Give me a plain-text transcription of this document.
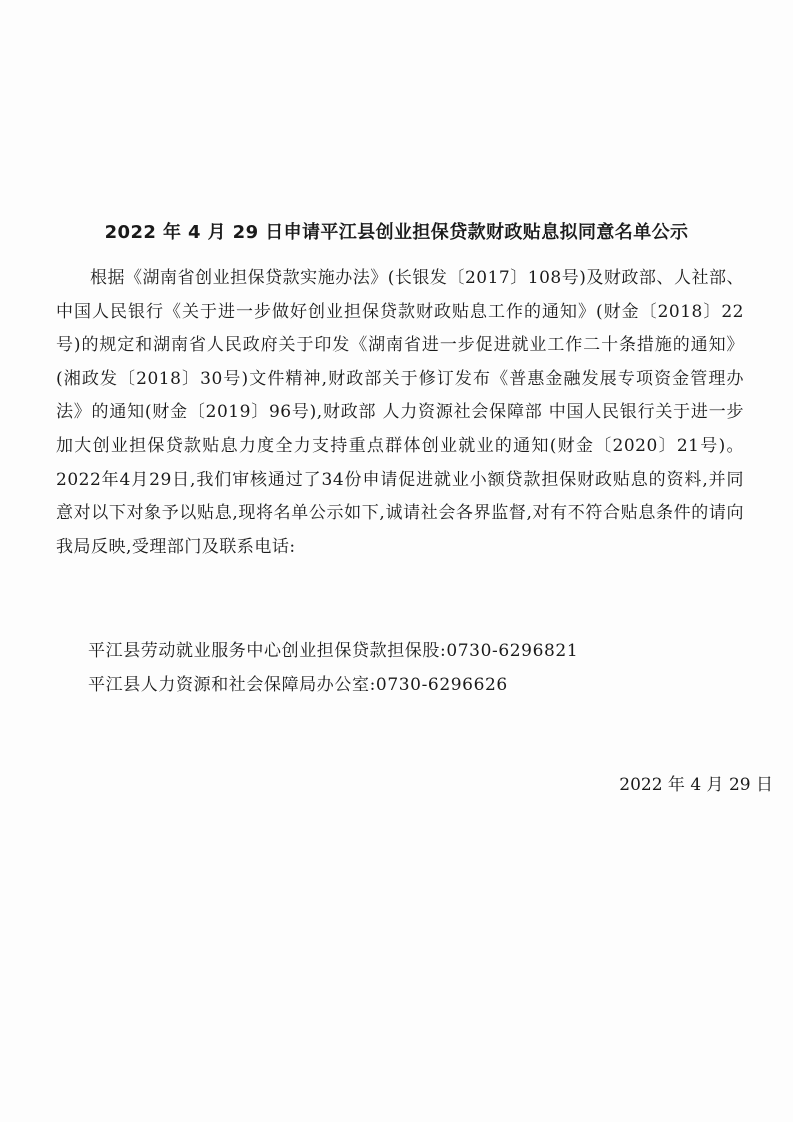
2022 年 4 月 29 日申请平江县创业担保贷款财政贴息拟同意名单公示
根据《湖南省创业担保贷款实施办法》(长银发〔2017〕108号)及财政部、人社部、中国人民银行《关于进一步做好创业担保贷款财政贴息工作的通知》(财金〔2018〕22号)的规定和湖南省人民政府关于印发《湖南省进一步促进就业工作二十条措施的通知》(湘政发〔2018〕30号)文件精神,财政部关于修订发布《普惠金融发展专项资金管理办法》的通知(财金〔2019〕96号),财政部 人力资源社会保障部 中国人民银行关于进一步加大创业担保贷款贴息力度全力支持重点群体创业就业的通知(财金〔2020〕21号)。2022年4月29日,我们审核通过了34份申请促进就业小额贷款担保财政贴息的资料,并同意对以下对象予以贴息,现将名单公示如下,诚请社会各界监督,对有不符合贴息条件的请向我局反映,受理部门及联系电话:
平江县劳动就业服务中心创业担保贷款担保股:0730-6296821
平江县人力资源和社会保障局办公室:0730-6296626
2022 年 4 月 29 日
